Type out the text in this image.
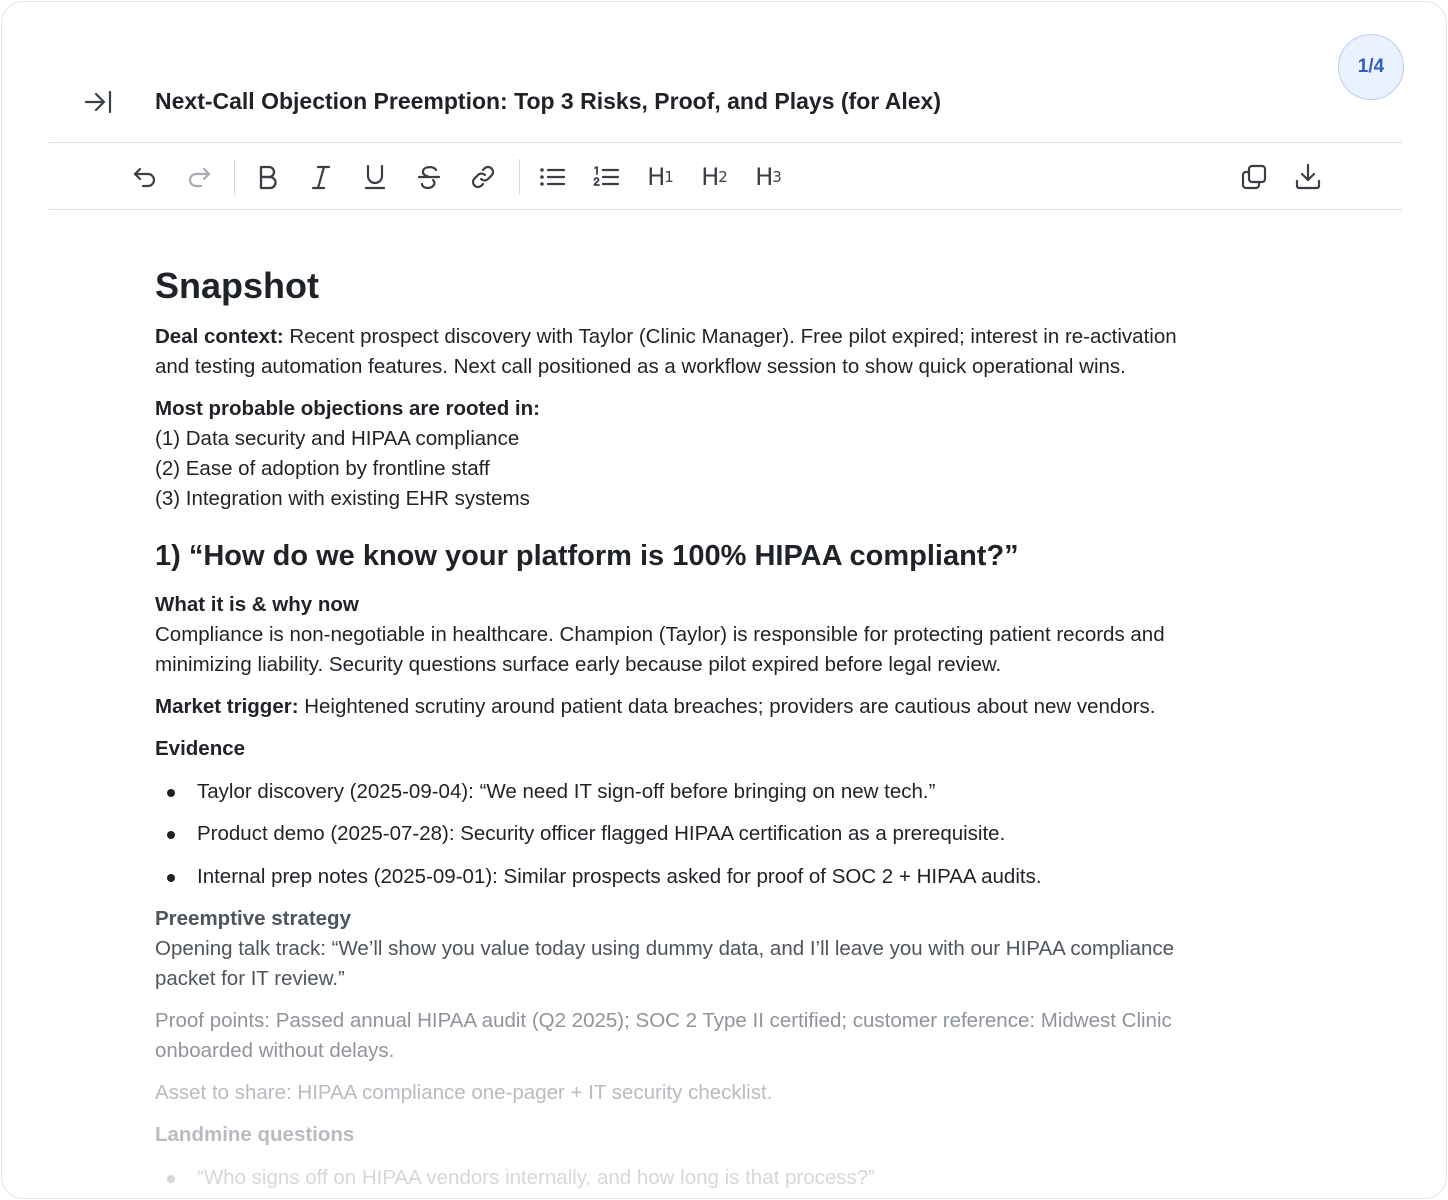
1/4
Next-Call Objection Preemption: Top 3 Risks, Proof, and Plays (for Alex)
H 1 H 2 H 3
Snapshot
Deal context: Recent prospect discovery with Taylor (Clinic Manager). Free pilot expired; interest in re-activation
and testing automation features. Next call positioned as a workflow session to show quick operational wins.
Most probable objections are rooted in:
(1) Data security and HIPAA compliance
(2) Ease of adoption by frontline staff
(3) Integration with existing EHR systems
1) “How do we know your platform is 100% HIPAA compliant?”
What it is & why now
Compliance is non-negotiable in healthcare. Champion (Taylor) is responsible for protecting patient records and
minimizing liability. Security questions surface early because pilot expired before legal review.
Market trigger: Heightened scrutiny around patient data breaches; providers are cautious about new vendors.
Evidence
Taylor discovery (2025-09-04): “We need IT sign-off before bringing on new tech.”
Product demo (2025-07-28): Security officer flagged HIPAA certification as a prerequisite.
Internal prep notes (2025-09-01): Similar prospects asked for proof of SOC 2 + HIPAA audits.
Preemptive strategy
Opening talk track: “We’ll show you value today using dummy data, and I’ll leave you with our HIPAA compliance
packet for IT review.”
Proof points: Passed annual HIPAA audit (Q2 2025); SOC 2 Type II certified; customer reference: Midwest Clinic
onboarded without delays.
Asset to share: HIPAA compliance one-pager + IT security checklist.
Landmine questions
“Who signs off on HIPAA vendors internally, and how long is that process?”
